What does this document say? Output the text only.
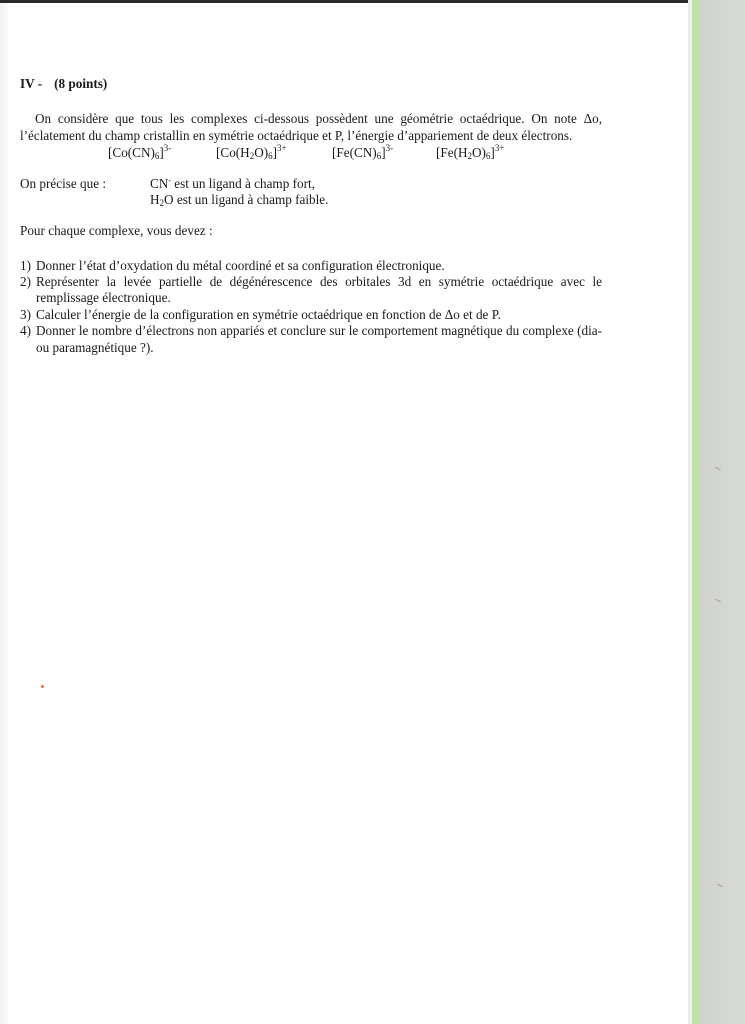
IV - (8 points)

On considère que tous les complexes ci-dessous possèdent une géométrie octaédrique. On note Δo, l’éclatement du champ cristallin en symétrie octaédrique et P, l’énergie d’appariement de deux électrons.

$[Co(CN)_6]^{3-}$	$[Co(H_2O)_6]^{3+}$	$[Fe(CN)_6]^{3-}$	$[Fe(H_2O)_6]^{3+}$
On précise que :	CN- est un ligand à champ fort,
$H_2O$ est un ligand à champ faible.

Pour chaque complexe, vous devez :

1) Donner l’état d’oxydation du métal coordiné et sa configuration électronique.
2) Représenter la levée partielle de dégénérescence des orbitales 3d en symétrie octaédrique avec le remplissage électronique.
3) Calculer l’énergie de la configuration en symétrie octaédrique en fonction de Δo et de P.
4) Donner le nombre d’électrons non appariés et conclure sur le comportement magnétique du complexe (dia- ou paramagnétique ?).
